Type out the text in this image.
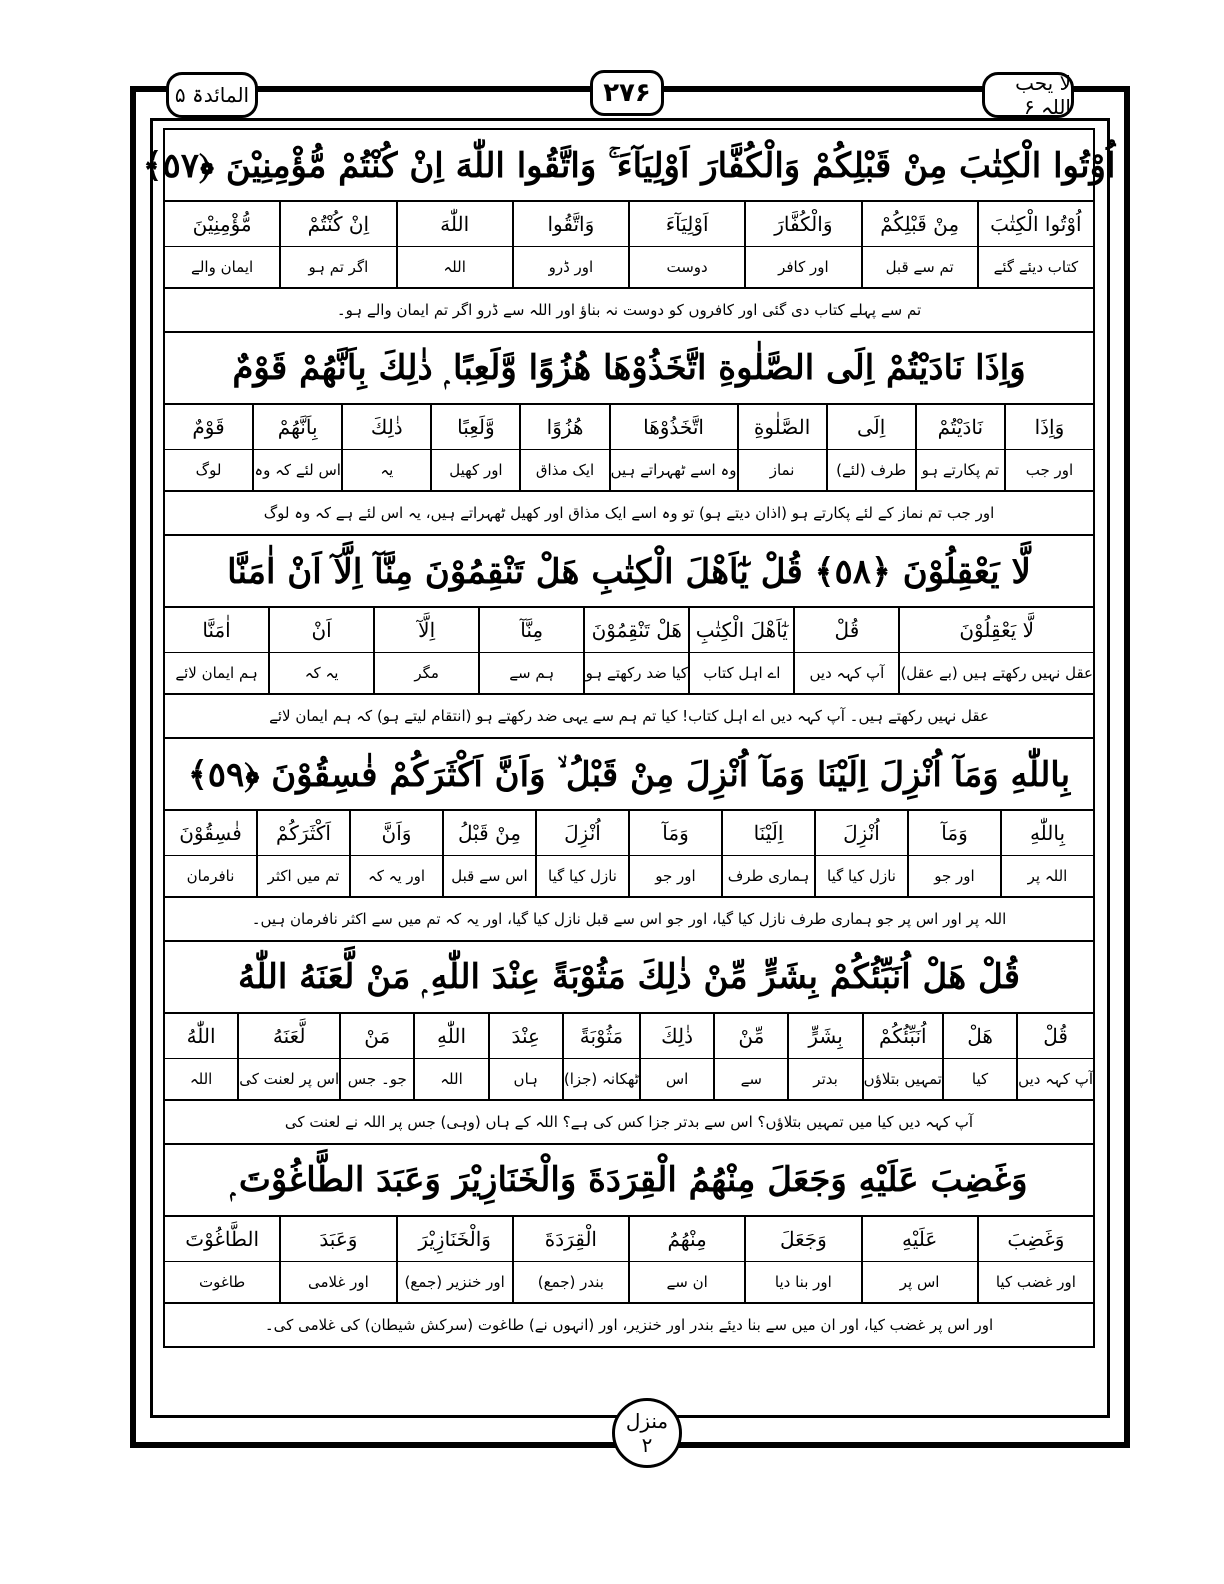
المائدۃ ۵	۲۷۶	لا یحب اللہ ۶
اُوْتُوا الْكِتٰبَ مِنْ قَبْلِكُمْ وَالْكُفَّارَ اَوْلِيَآءَ ۚ وَاتَّقُوا اللّٰهَ اِنْ كُنْتُمْ مُّؤْمِنِيْنَ ﴿٥٧﴾
اُوْتُوا الْكِتٰبَ
کتاب دیئے گئے
مِنْ قَبْلِكُمْ
تم سے قبل
وَالْكُفَّارَ
اور کافر
اَوْلِيَآءَ
دوست
وَاتَّقُوا
اور ڈرو
اللّٰهَ
اللہ
اِنْ كُنْتُمْ
اگر تم ہو
مُّؤْمِنِيْنَ
ایمان والے
تم سے پہلے کتاب دی گئی اور کافروں کو دوست نہ بناؤ اور اللہ سے ڈرو اگر تم ایمان والے ہو۔
وَاِذَا نَادَيْتُمْ اِلَى الصَّلٰوةِ اتَّخَذُوْهَا هُزُوًا وَّلَعِبًا ۭ ذٰلِكَ بِاَنَّهُمْ قَوْمٌ
وَاِذَا
اور جب
نَادَيْتُمْ
تم پکارتے ہو
اِلَى
طرف (لئے)
الصَّلٰوةِ
نماز
اتَّخَذُوْهَا
وہ اسے ٹھہراتے ہیں
هُزُوًا
ایک مذاق
وَّلَعِبًا
اور کھیل
ذٰلِكَ
یہ
بِاَنَّهُمْ
اس لئے کہ وہ
قَوْمٌ
لوگ
اور جب تم نماز کے لئے پکارتے ہو (اذان دیتے ہو) تو وہ اسے ایک مذاق اور کھیل ٹھہراتے ہیں، یہ اس لئے ہے کہ وہ لوگ
لَّا يَعْقِلُوْنَ ﴿٥٨﴾ قُلْ يٰٓاَهْلَ الْكِتٰبِ هَلْ تَنْقِمُوْنَ مِنَّآ اِلَّآ اَنْ اٰمَنَّا
لَّا يَعْقِلُوْنَ
عقل نہیں رکھتے ہیں (بے عقل)
قُلْ
آپ کہہ دیں
يٰٓاَهْلَ الْكِتٰبِ
اے اہل کتاب
هَلْ تَنْقِمُوْنَ
کیا ضد رکھتے ہو
مِنَّآ
ہم سے
اِلَّآ
مگر
اَنْ
یہ کہ
اٰمَنَّا
ہم ایمان لائے
عقل نہیں رکھتے ہیں۔ آپ کہہ دیں اے اہل کتاب! کیا تم ہم سے یہی ضد رکھتے ہو (انتقام لیتے ہو) کہ ہم ایمان لائے
بِاللّٰهِ وَمَآ اُنْزِلَ اِلَيْنَا وَمَآ اُنْزِلَ مِنْ قَبْلُ ۙ وَاَنَّ اَكْثَرَكُمْ فٰسِقُوْنَ ﴿٥٩﴾
بِاللّٰهِ
اللہ پر
وَمَآ
اور جو
اُنْزِلَ
نازل کیا گیا
اِلَيْنَا
ہماری طرف
وَمَآ
اور جو
اُنْزِلَ
نازل کیا گیا
مِنْ قَبْلُ
اس سے قبل
وَاَنَّ
اور یہ کہ
اَكْثَرَكُمْ
تم میں اکثر
فٰسِقُوْنَ
نافرمان
اللہ پر اور اس پر جو ہماری طرف نازل کیا گیا، اور جو اس سے قبل نازل کیا گیا، اور یہ کہ تم میں سے اکثر نافرمان ہیں۔
قُلْ هَلْ اُنَبِّئُكُمْ بِشَرٍّ مِّنْ ذٰلِكَ مَثُوْبَةً عِنْدَ اللّٰهِ ۭ مَنْ لَّعَنَهُ اللّٰهُ
قُلْ
آپ کہہ دیں
هَلْ
کیا
اُنَبِّئُكُمْ
تمہیں بتلاؤں
بِشَرٍّ
بدتر
مِّنْ
سے
ذٰلِكَ
اس
مَثُوْبَةً
ٹھکانہ (جزا)
عِنْدَ
ہاں
اللّٰهِ
اللہ
مَنْ
جو۔ جس
لَّعَنَهُ
اس پر لعنت کی
اللّٰهُ
اللہ
آپ کہہ دیں کیا میں تمہیں بتلاؤں؟ اس سے بدتر جزا کس کی ہے؟ اللہ کے ہاں (وہی) جس پر اللہ نے لعنت کی
وَغَضِبَ عَلَيْهِ وَجَعَلَ مِنْهُمُ الْقِرَدَةَ وَالْخَنَازِيْرَ وَعَبَدَ الطَّاغُوْتَ ۭ
وَغَضِبَ
اور غضب کیا
عَلَيْهِ
اس پر
وَجَعَلَ
اور بنا دیا
مِنْهُمُ
ان سے
الْقِرَدَةَ
بندر (جمع)
وَالْخَنَازِيْرَ
اور خنزیر (جمع)
وَعَبَدَ
اور غلامی
الطَّاغُوْتَ
طاغوت
اور اس پر غضب کیا، اور ان میں سے بنا دیئے بندر اور خنزیر، اور (انہوں نے) طاغوت (سرکش شیطان) کی غلامی کی۔
منزل
۲
